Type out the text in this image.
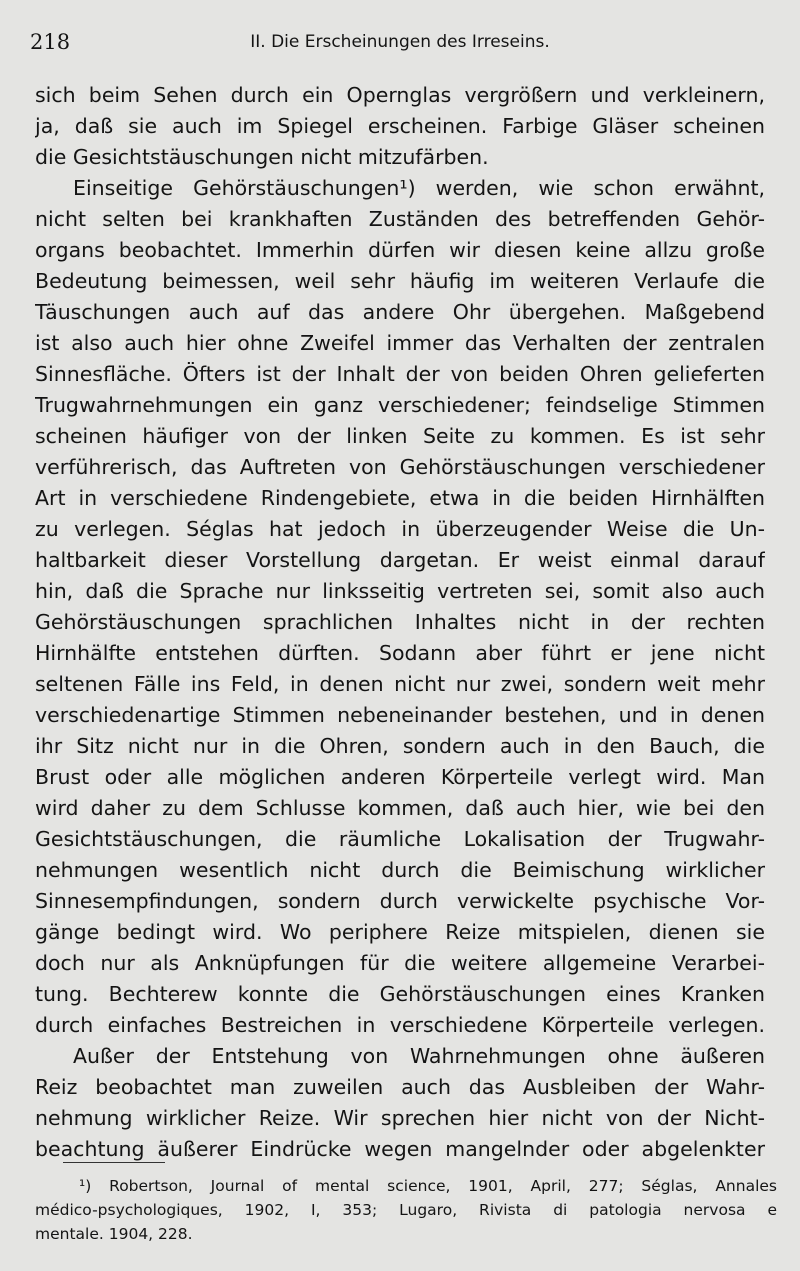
218	II. Die Erscheinungen des Irreseins.
sich beim Sehen durch ein Opernglas vergrößern und verkleinern,
ja, daß sie auch im Spiegel erscheinen. Farbige Gläser scheinen
die Gesichtstäuschungen nicht mitzufärben.
Einseitige Gehörstäuschungen¹) werden, wie schon erwähnt,
nicht selten bei krankhaften Zuständen des betreffenden Gehör-
organs beobachtet. Immerhin dürfen wir diesen keine allzu große
Bedeutung beimessen, weil sehr häufig im weiteren Verlaufe die
Täuschungen auch auf das andere Ohr übergehen. Maßgebend
ist also auch hier ohne Zweifel immer das Verhalten der zentralen
Sinnesfläche. Öfters ist der Inhalt der von beiden Ohren gelieferten
Trugwahrnehmungen ein ganz verschiedener; feindselige Stimmen
scheinen häufiger von der linken Seite zu kommen. Es ist sehr
verführerisch, das Auftreten von Gehörstäuschungen verschiedener
Art in verschiedene Rindengebiete, etwa in die beiden Hirnhälften
zu verlegen. Séglas hat jedoch in überzeugender Weise die Un-
haltbarkeit dieser Vorstellung dargetan. Er weist einmal darauf
hin, daß die Sprache nur linksseitig vertreten sei, somit also auch
Gehörstäuschungen sprachlichen Inhaltes nicht in der rechten
Hirnhälfte entstehen dürften. Sodann aber führt er jene nicht
seltenen Fälle ins Feld, in denen nicht nur zwei, sondern weit mehr
verschiedenartige Stimmen nebeneinander bestehen, und in denen
ihr Sitz nicht nur in die Ohren, sondern auch in den Bauch, die
Brust oder alle möglichen anderen Körperteile verlegt wird. Man
wird daher zu dem Schlusse kommen, daß auch hier, wie bei den
Gesichtstäuschungen, die räumliche Lokalisation der Trugwahr-
nehmungen wesentlich nicht durch die Beimischung wirklicher
Sinnesempfindungen, sondern durch verwickelte psychische Vor-
gänge bedingt wird. Wo periphere Reize mitspielen, dienen sie
doch nur als Anknüpfungen für die weitere allgemeine Verarbei-
tung. Bechterew konnte die Gehörstäuschungen eines Kranken
durch einfaches Bestreichen in verschiedene Körperteile verlegen.
Außer der Entstehung von Wahrnehmungen ohne äußeren
Reiz beobachtet man zuweilen auch das Ausbleiben der Wahr-
nehmung wirklicher Reize. Wir sprechen hier nicht von der Nicht-
beachtung äußerer Eindrücke wegen mangelnder oder abgelenkter
¹) Robertson, Journal of mental science, 1901, April, 277; Séglas, Annales
médico-psychologiques, 1902, I, 353; Lugaro, Rivista di patologia nervosa e
mentale. 1904, 228.
